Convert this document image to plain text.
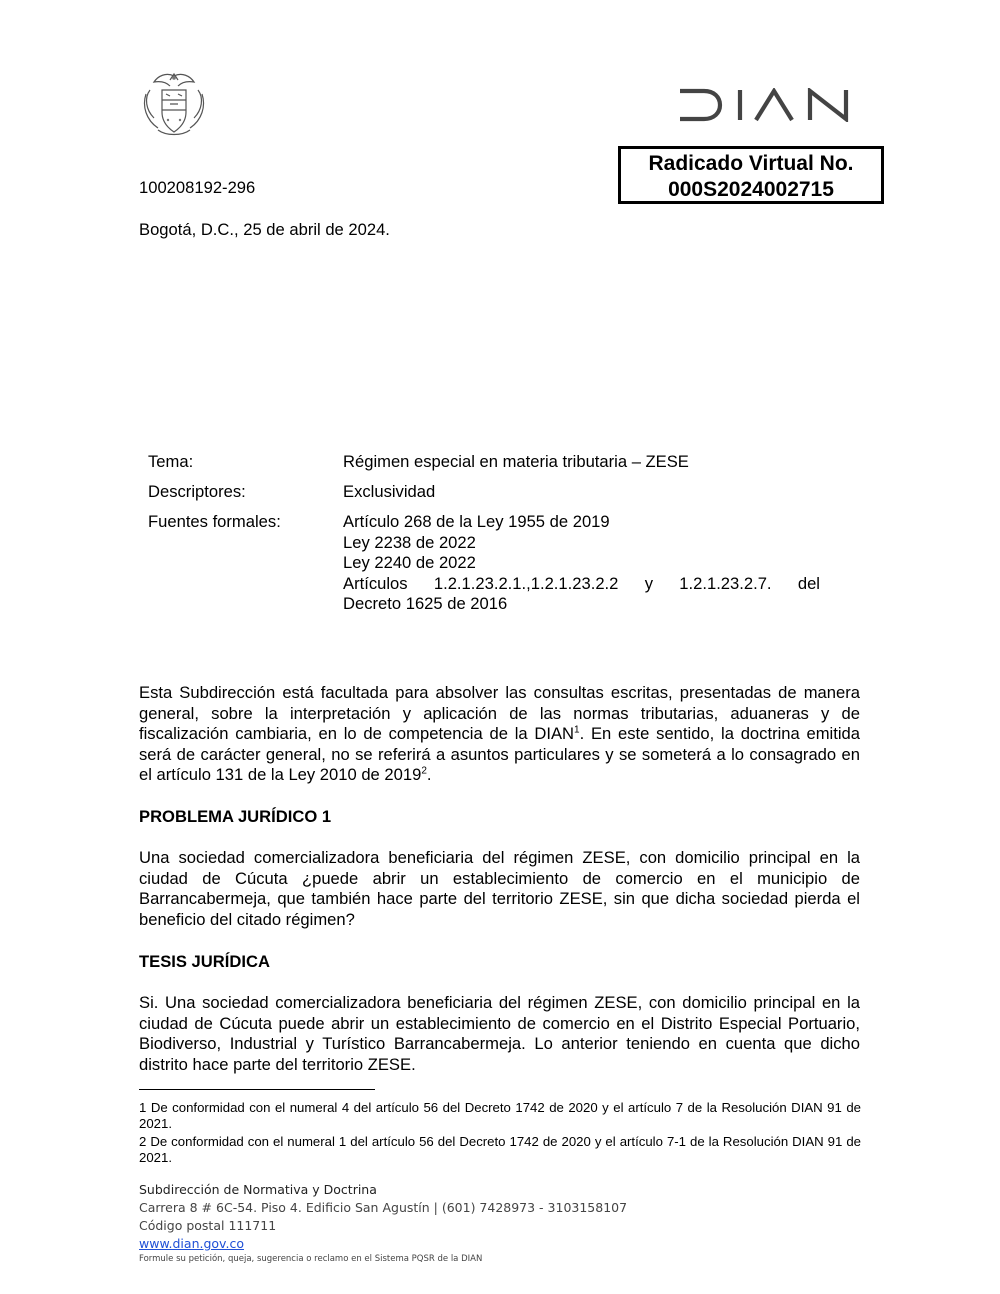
Radicado Virtual No.
000S2024002715
100208192-296
Bogotá, D.C., 25 de abril de 2024.
Tema:	Régimen especial en materia tributaria – ZESE
Descriptores:	Exclusividad
Fuentes formales:	Artículo 268 de la Ley 1955 de 2019
Ley 2238 de 2022
Ley 2240 de 2022
Artículos 1.2.1.23.2.1.,1.2.1.23.2.2 y 1.2.1.23.2.7. del
Decreto 1625 de 2016
Esta Subdirección está facultada para absolver las consultas escritas, presentadas de manera general, sobre la interpretación y aplicación de las normas tributarias, aduaneras y de fiscalización cambiaria, en lo de competencia de la DIAN$^1$. En este sentido, la doctrina emitida será de carácter general, no se referirá a asuntos particulares y se someterá a lo consagrado en el artículo 131 de la Ley 2010 de 2019$^2$.
PROBLEMA JURÍDICO 1
Una sociedad comercializadora beneficiaria del régimen ZESE, con domicilio principal en la ciudad de Cúcuta ¿puede abrir un establecimiento de comercio en el municipio de Barrancabermeja, que también hace parte del territorio ZESE, sin que dicha sociedad pierda el beneficio del citado régimen?
TESIS JURÍDICA
Si. Una sociedad comercializadora beneficiaria del régimen ZESE, con domicilio principal en la ciudad de Cúcuta puede abrir un establecimiento de comercio en el Distrito Especial Portuario, Biodiverso, Industrial y Turístico Barrancabermeja. Lo anterior teniendo en cuenta que dicho distrito hace parte del territorio ZESE.
1 De conformidad con el numeral 4 del artículo 56 del Decreto 1742 de 2020 y el artículo 7 de la Resolución DIAN 91 de 2021.
2 De conformidad con el numeral 1 del artículo 56 del Decreto 1742 de 2020 y el artículo 7-1 de la Resolución DIAN 91 de 2021.
Subdirección de Normativa y Doctrina
Carrera 8 # 6C-54. Piso 4. Edificio San Agustín | (601) 7428973 - 3103158107
Código postal 111711
www.dian.gov.co
Formule su petición, queja, sugerencia o reclamo en el Sistema PQSR de la DIAN
